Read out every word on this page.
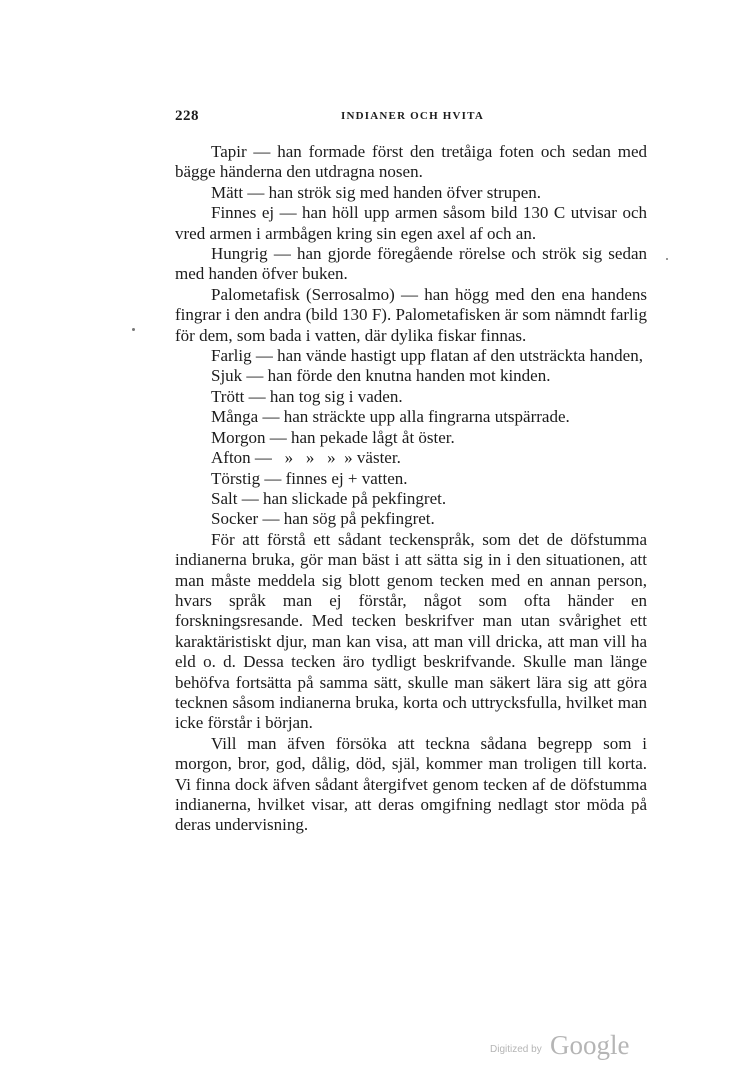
228	INDIANER OCH HVITA

Tapir — han formade först den tretåiga foten och sedan med bägge händerna den utdragna nosen.

Mätt — han strök sig med handen öfver strupen.

Finnes ej — han höll upp armen såsom bild 130 C utvisar och vred armen i armbågen kring sin egen axel af och an.

Hungrig — han gjorde föregående rörelse och strök sig sedan med handen öfver buken.

Palometafisk (Serrosalmo) — han högg med den ena handens fingrar i den andra (bild 130 F). Palometafisken är som nämndt farlig för dem, som bada i vatten, där dylika fiskar finnas.

Farlig — han vände hastigt upp flatan af den utsträckta handen,

Sjuk — han förde den knutna handen mot kinden.

Trött — han tog sig i vaden.

Många — han sträckte upp alla fingrarna utspärrade.

Morgon — han pekade lågt åt öster.

Afton —   »   »   »  » väster.

Törstig — finnes ej + vatten.

Salt — han slickade på pekfingret.

Socker — han sög på pekfingret.

För att förstå ett sådant teckenspråk, som det de döfstumma indianerna bruka, gör man bäst i att sätta sig in i den situationen, att man måste meddela sig blott genom tecken med en annan person, hvars språk man ej förstår, något som ofta händer en forskningsresande. Med tecken beskrifver man utan svårighet ett karaktäristiskt djur, man kan visa, att man vill dricka, att man vill ha eld o. d. Dessa tecken äro tydligt beskrifvande. Skulle man länge behöfva fortsätta på samma sätt, skulle man säkert lära sig att göra tecknen såsom indianerna bruka, korta och uttrycksfulla, hvilket man icke förstår i början.

Vill man äfven försöka att teckna sådana begrepp som i morgon, bror, god, dålig, död, själ, kommer man troligen till korta. Vi finna dock äfven sådant återgifvet genom tecken af de döfstumma indianerna, hvilket visar, att deras omgifning nedlagt stor möda på deras undervisning.

Digitized by Google
